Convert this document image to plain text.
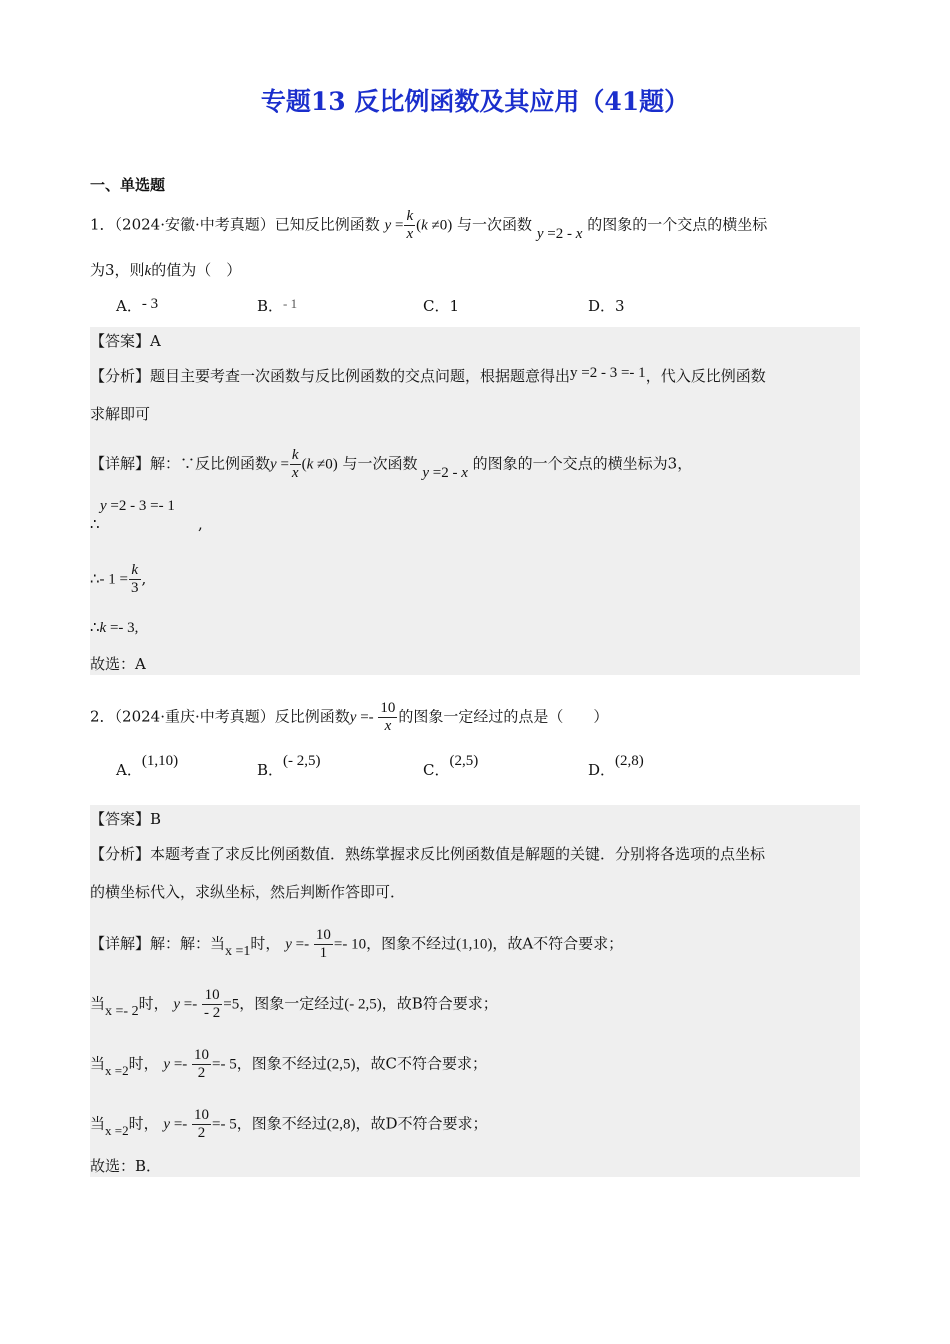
专题13 反比例函数及其应用（41题）
一、单选题
1．（2024·安徽·中考真题）已知反比例函数 $y = \frac{k}{x} (k \ne 0)$ 与一次函数 y =2 - x 的图象的一个交点的横坐标
为3，则k的值为（　）
A．- 3	B．- 1	C．1	D．3
【答案】A
【分析】题目主要考查一次函数与反比例函数的交点问题，根据题意得出y =2 - 3 =- 1，代入反比例函数
求解即可
【详解】解：∵反比例函数$y = \frac{k}{x} (k \ne 0)$ 与一次函数 y =2 - x 的图象的一个交点的横坐标为3，
y =2 - 3 =- 1
∴	,
∴- $1 = \frac{k}{3}$ ,
∴k =- 3,
故选：A
2．（2024·重庆·中考真题）反比例函数$y =- \frac{10}{x}$ 的图象一定经过的点是（　　）
A．(1,10)	B．(- 2,5)	C．(2,5)	D．(2,8)
【答案】B
【分析】本题考查了求反比例函数值．熟练掌握求反比例函数值是解题的关键．分别将各选项的点坐标
的横坐标代入，求纵坐标，然后判断作答即可．
【详解】解：解：当x =1时， $y =- \frac{10}{1} =- 10$，图象不经过(1,10)，故A不符合要求；
当x =- 2时， $y =- \frac{10}{- 2} =5$，图象一定经过(- 2,5)，故B符合要求；
当x =2时， $y =- \frac{10}{2} =- 5$，图象不经过(2,5)，故C不符合要求；
当x =2时， $y =- \frac{10}{2} =- 5$，图象不经过(2,8)，故D不符合要求；
故选：B．
